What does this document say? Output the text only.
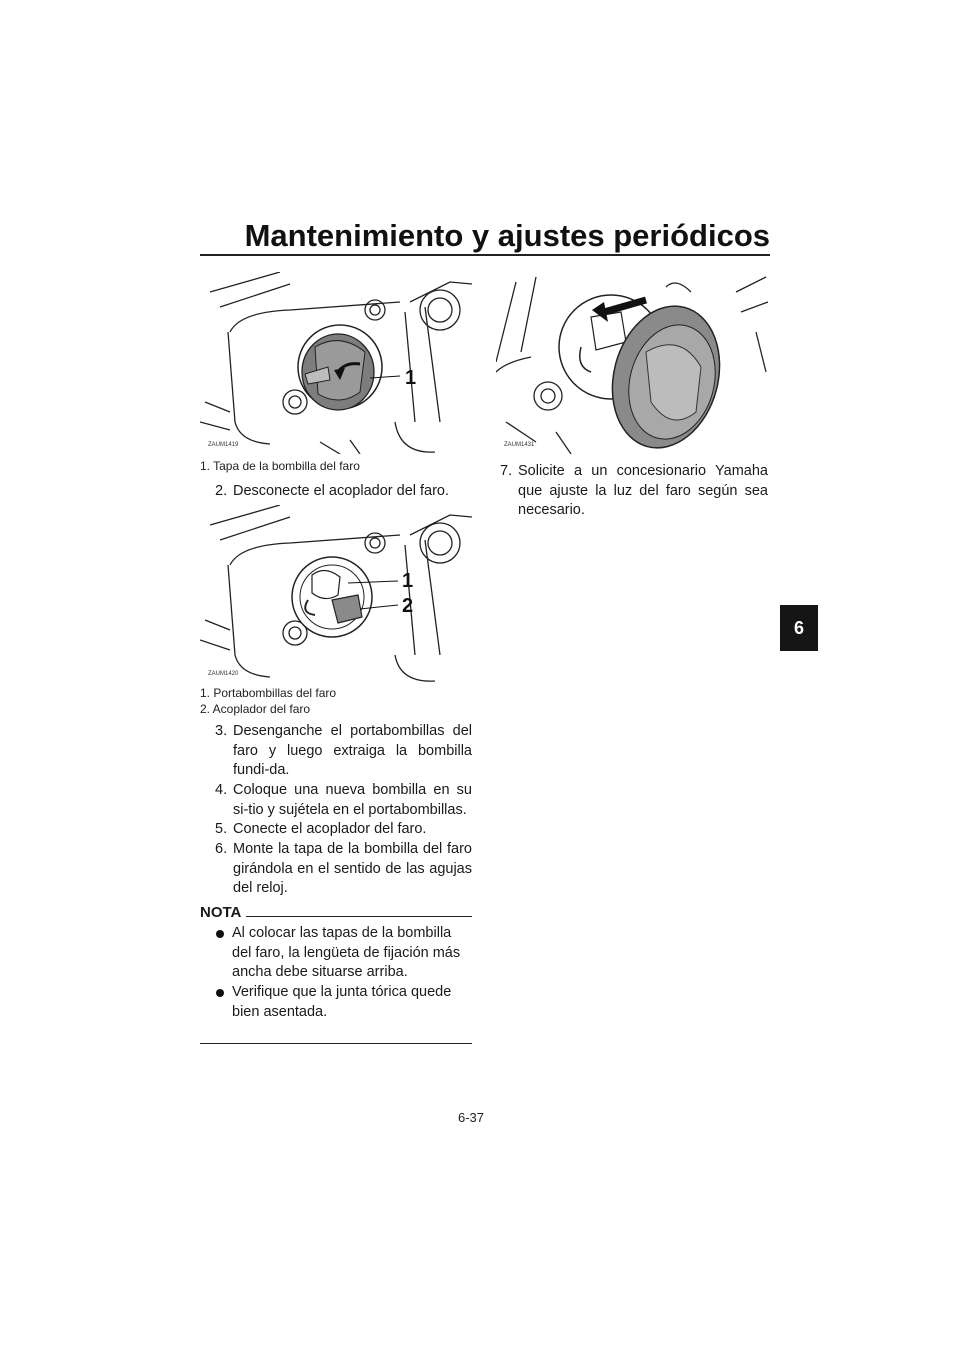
Mantenimiento y ajustes periódicos
6
1
ZAUM1419
1. Tapa de la bombilla del faro
2. Desconecte el acoplador del faro.
1
2
ZAUM1420
1. Portabombillas del faro
2. Acoplador del faro
3. Desenganche el portabombillas del faro y luego extraiga la bombilla fundi-da.
4. Coloque una nueva bombilla en su si-tio y sujétela en el portabombillas.
5. Conecte el acoplador del faro.
6. Monte la tapa de la bombilla del faro girándola en el sentido de las agujas del reloj.
NOTA
Al colocar las tapas de la bombilla del faro, la lengüeta de fijación más ancha debe situarse arriba.
Verifique que la junta tórica quede bien asentada.
ZAUM1431
7. Solicite a un concesionario Yamaha que ajuste la luz del faro según sea necesario.
6-37
